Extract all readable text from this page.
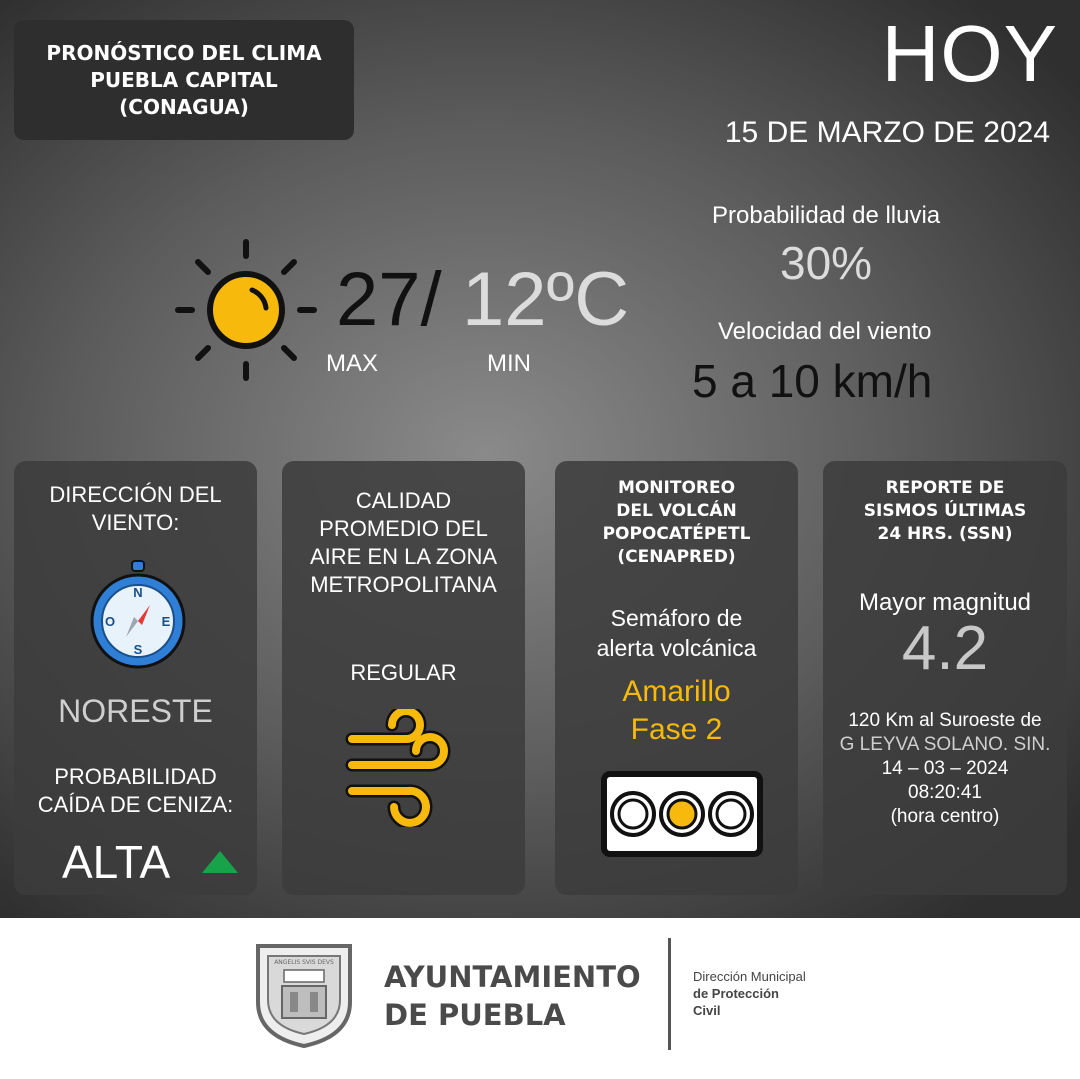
PRONÓSTICO DEL CLIMA
PUEBLA CAPITAL
(CONAGUA)
HOY
15 DE MARZO DE 2024
27/ 12ºC
MAX	MIN
Probabilidad de lluvia
30%
Velocidad del viento
5 a 10 km/h
DIRECCIÓN DEL
VIENTO:
N
S
E
O
NORESTE
PROBABILIDAD
CAÍDA DE CENIZA:
ALTA
CALIDAD
PROMEDIO DEL
AIRE EN LA ZONA
METROPOLITANA
REGULAR
MONITOREO
DEL VOLCÁN
POPOCATÉPETL
(CENAPRED)
Semáforo de
alerta volcánica
Amarillo
Fase 2
REPORTE DE
SISMOS ÚLTIMAS
24 HRS. (SSN)
Mayor magnitud
4.2
120 Km al Suroeste de
G LEYVA SOLANO. SIN.
14 – 03 – 2024
08:20:41
(hora centro)
ANGELIS SVIS DEVS AYUNTAMIENTO
DE PUEBLA
Dirección Municipal
de Protección
Civil
